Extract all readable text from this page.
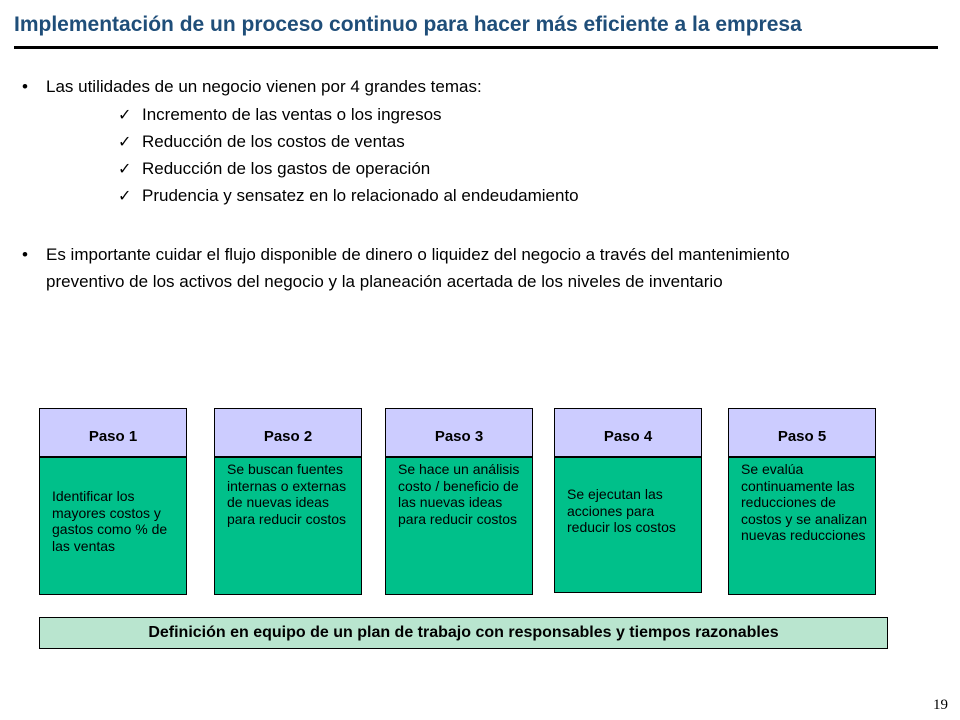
Implementación de un proceso continuo para hacer más eficiente a la empresa
•	Las utilidades de un negocio vienen por 4 grandes temas:
✓ Incremento de las ventas o los ingresos
✓ Reducción de los costos de ventas
✓ Reducción de los gastos de operación
✓ Prudencia y sensatez en lo relacionado al endeudamiento
•	Es importante cuidar el flujo disponible de dinero o liquidez del negocio a través del mantenimiento preventivo de los activos del negocio y la planeación acertada de los niveles de inventario
Paso 1
Identificar los mayores costos y gastos como % de las ventas
Paso 2
Se buscan fuentes internas o externas de nuevas ideas para reducir costos
Paso 3
Se hace un análisis costo / beneficio de las nuevas ideas para reducir costos
Paso 4
Se ejecutan las acciones para reducir los costos
Paso 5
Se evalúa continuamente las reducciones de costos y se analizan nuevas reducciones
Definición en equipo de un plan de trabajo con responsables y tiempos razonables
19
